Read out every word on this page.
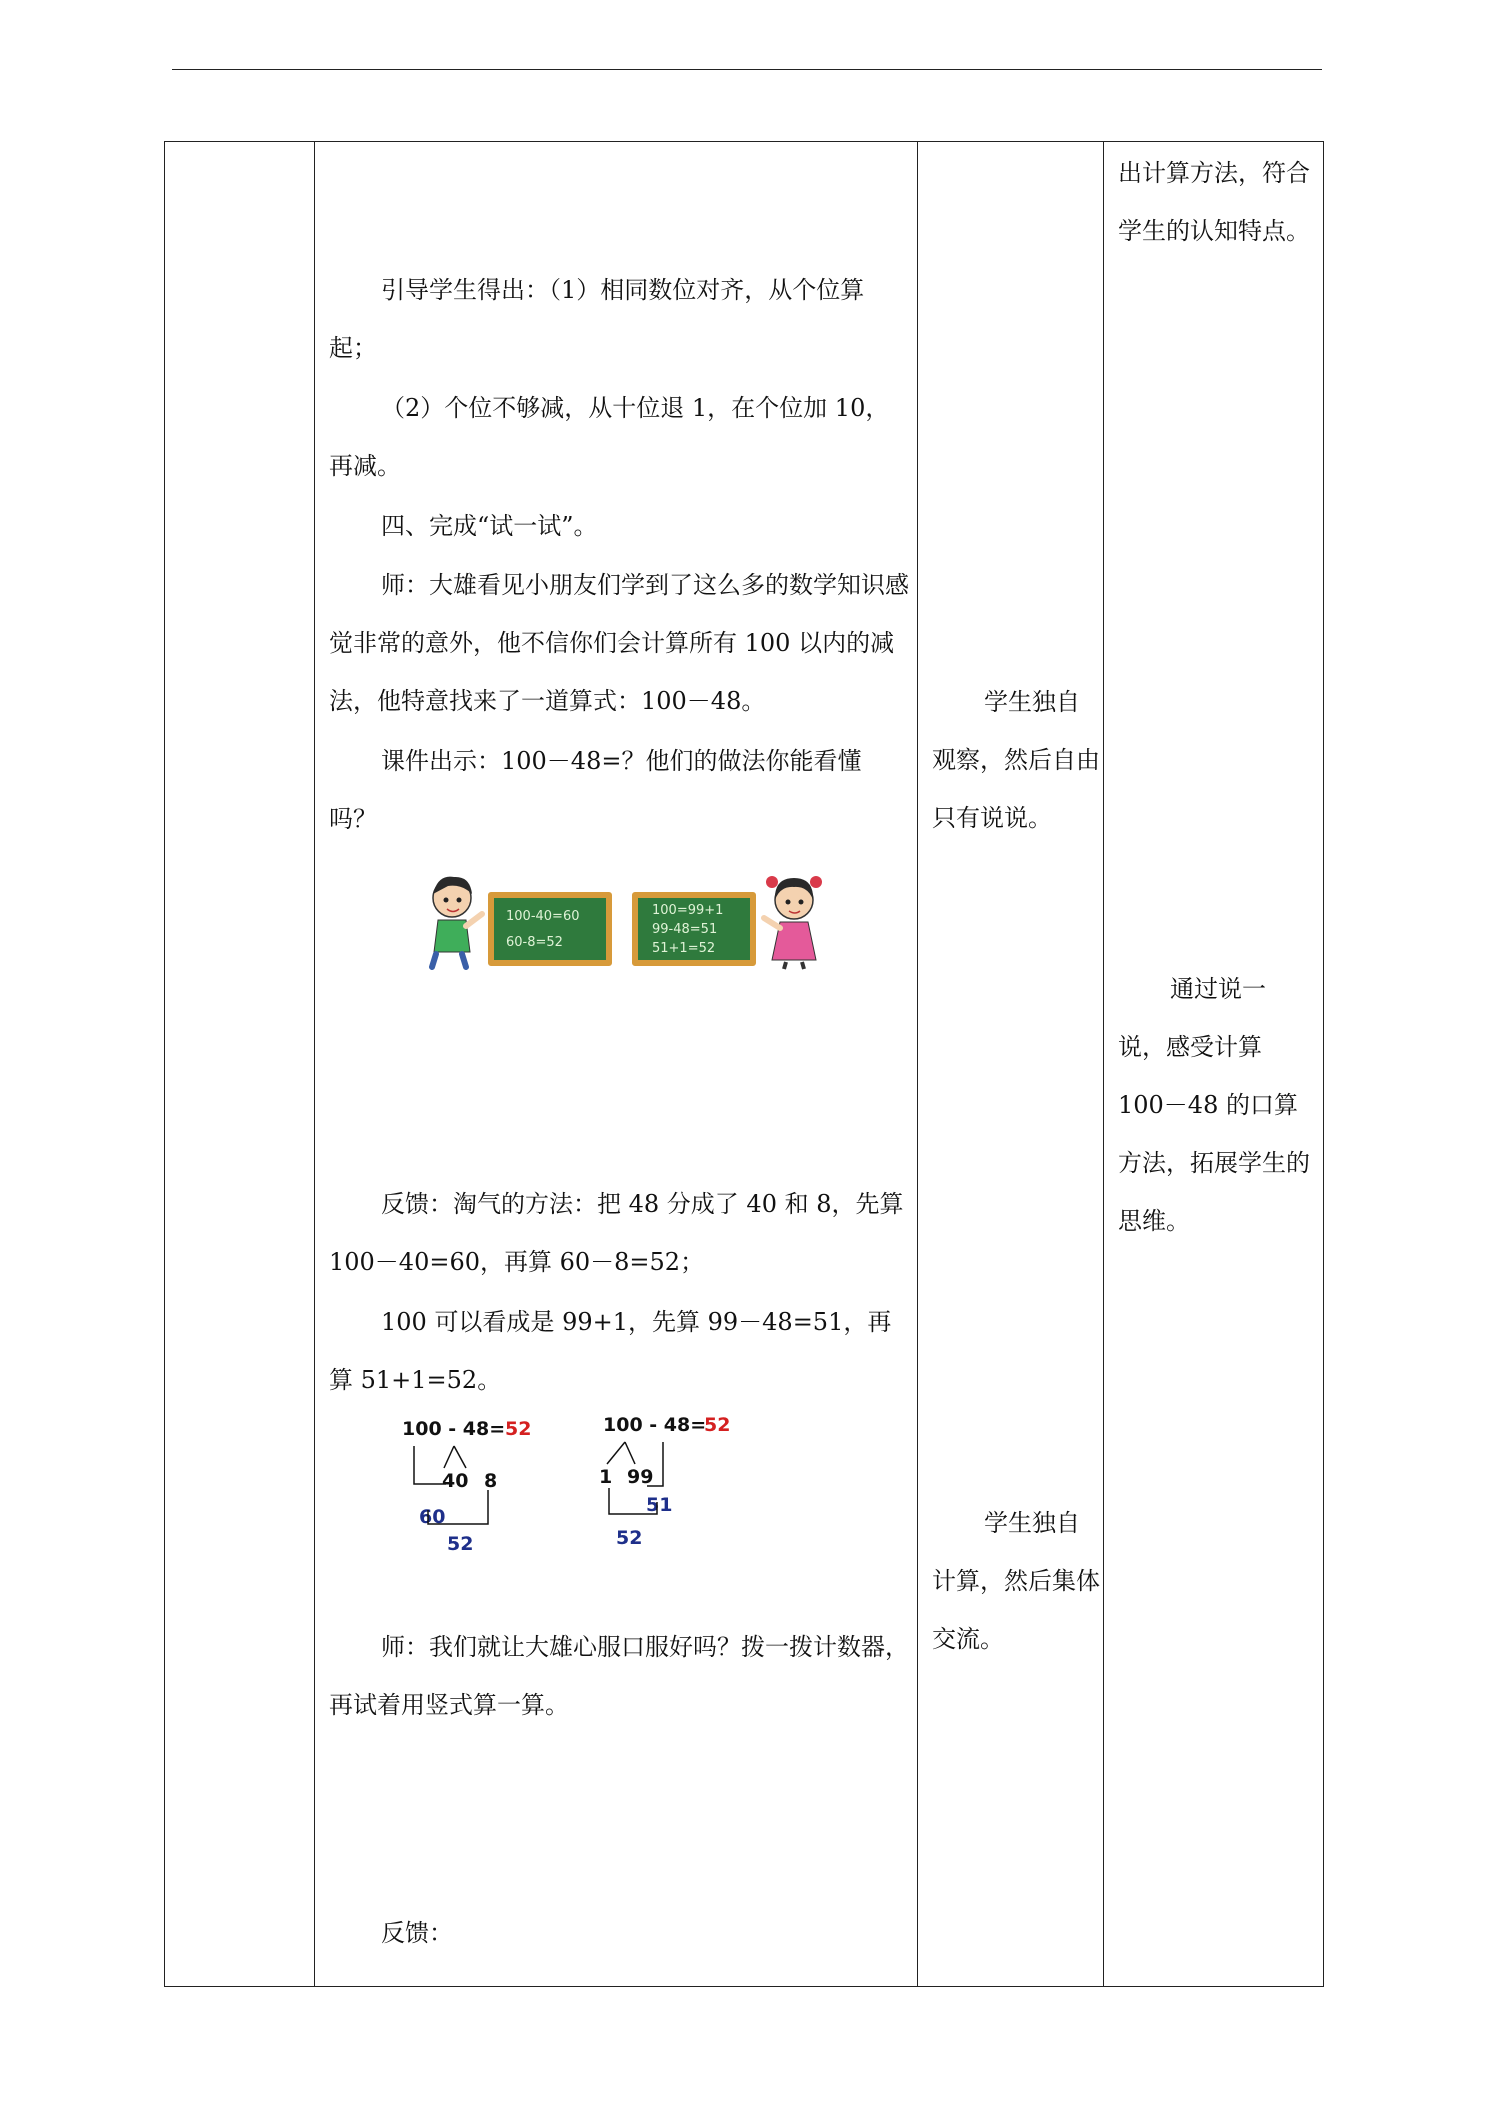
引导学生得出：（1）相同数位对齐，从个位算起；
（2）个位不够减，从十位退 1，在个位加 10，再减。
四、完成“试一试”。
师：大雄看见小朋友们学到了这么多的数学知识感觉非常的意外，他不信你们会计算所有 100 以内的减法，他特意找来了一道算式：100－48。
课件出示：100－48=？他们的做法你能看懂吗？
100-40=60
60-8=52
100=99+1
99-48=51
51+1=52
反馈：淘气的方法：把 48 分成了 40 和 8，先算 100－40=60，再算 60－8=52；
100 可以看成是 99+1，先算 99－48=51，再算 51+1=52。
100 - 48= 52
40 8
60
52
100 - 48=
52
1 99
51
52
师：我们就让大雄心服口服好吗？拨一拨计数器，再试着用竖式算一算。
反馈：
学生独自观察，然后自由只有说说。
学生独自计算，然后集体交流。
出计算方法，符合学生的认知特点。
通过说一说，感受计算 100－48 的口算方法，拓展学生的思维。
